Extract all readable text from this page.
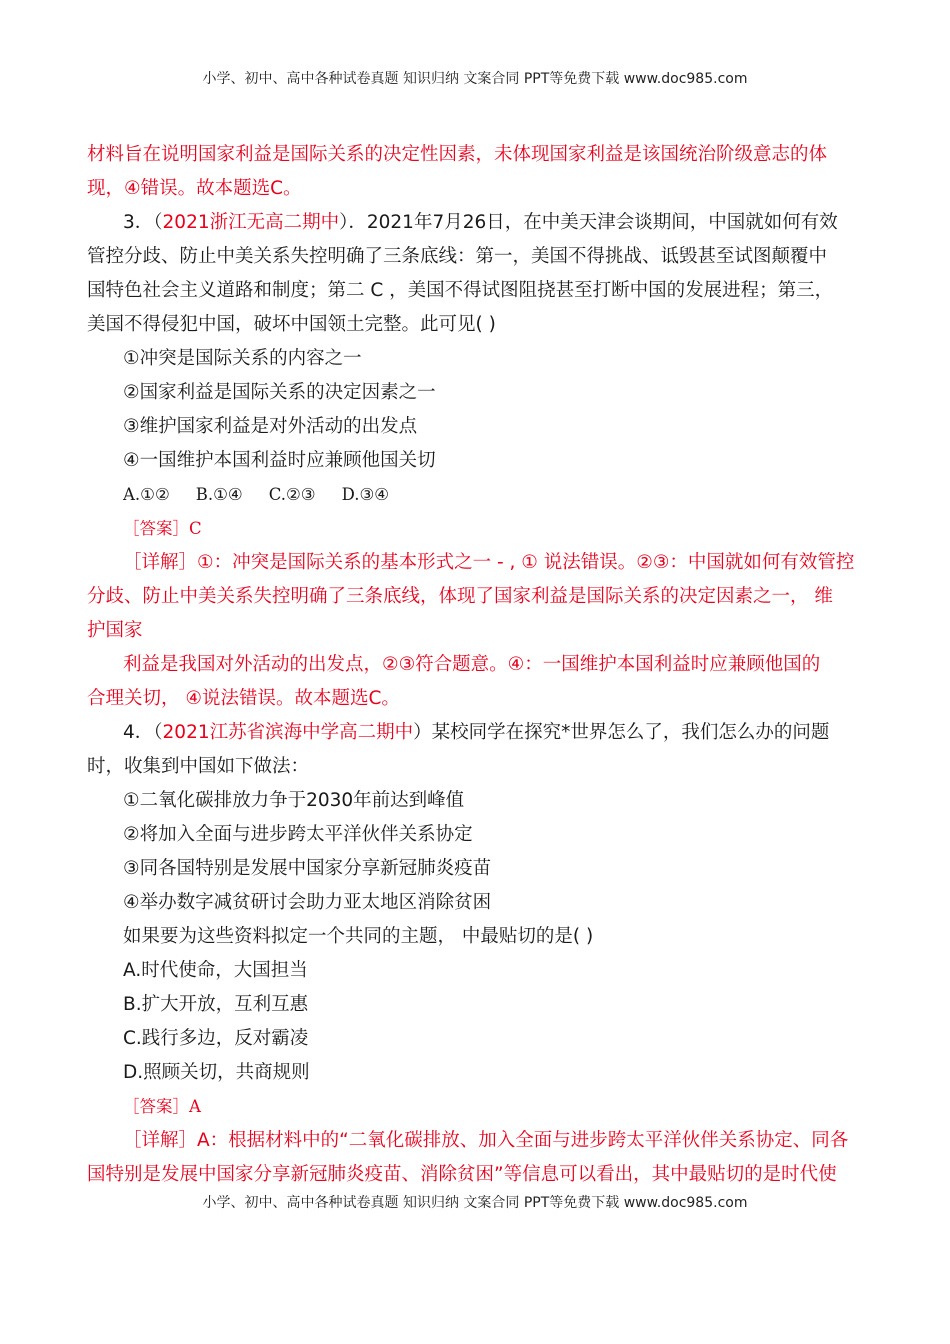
小学、初中、高中各种试卷真题 知识归纳 文案合同 PPT等免费下载 www.doc985.com
材料旨在说明国家利益是国际关系的决定性因素，未体现国家利益是该国统治阶级意志的体
现，④错误。故本题选C。
3．（2021浙江无高二期中）．2021年7月26日，在中美天津会谈期间，中国就如何有效
管控分歧、防止中美关系失控明确了三条底线：第一，美国不得挑战、诋毁甚至试图颠覆中
国特色社会主义道路和制度；第二 C ，美国不得试图阻挠甚至打断中国的发展进程；第三，
美国不得侵犯中国，破坏中国领土完整。此可见( )
①冲突是国际关系的内容之一
②国家利益是国际关系的决定因素之一
③维护国家利益是对外活动的出发点
④一国维护本国利益时应兼顾他国关切
A.①② B.①④ C.②③ D.③④
［答案］C
［详解］①：冲突是国际关系的基本形式之一 - , ① 说法错误。②③：中国就如何有效管控
分歧、防止中美关系失控明确了三条底线，体现了国家利益是国际关系的决定因素之一， 维
护国家
利益是我国对外活动的出发点，②③符合题意。④：一国维护本国利益时应兼顾他国的
合理关切， ④说法错误。故本题选C。
4．（2021江苏省滨海中学高二期中）某校同学在探究*世界怎么了，我们怎么办的问题
时，收集到中国如下做法：
①二氧化碳排放力争于2030年前达到峰值
②将加入全面与进步跨太平洋伙伴关系协定
③同各国特别是发展中国家分享新冠肺炎疫苗
④举办数字减贫研讨会助力亚太地区消除贫困
如果要为这些资料拟定一个共同的主题， 中最贴切的是( )
A.时代使命，大国担当
B.扩大开放，互利互惠
C.践行多边，反对霸凌
D.照顾关切，共商规则
［答案］A
［详解］A：根据材料中的“二氧化碳排放、加入全面与进步跨太平洋伙伴关系协定、同各
国特别是发展中国家分享新冠肺炎疫苗、消除贫困”等信息可以看出，其中最贴切的是时代使
小学、初中、高中各种试卷真题 知识归纳 文案合同 PPT等免费下载 www.doc985.com
